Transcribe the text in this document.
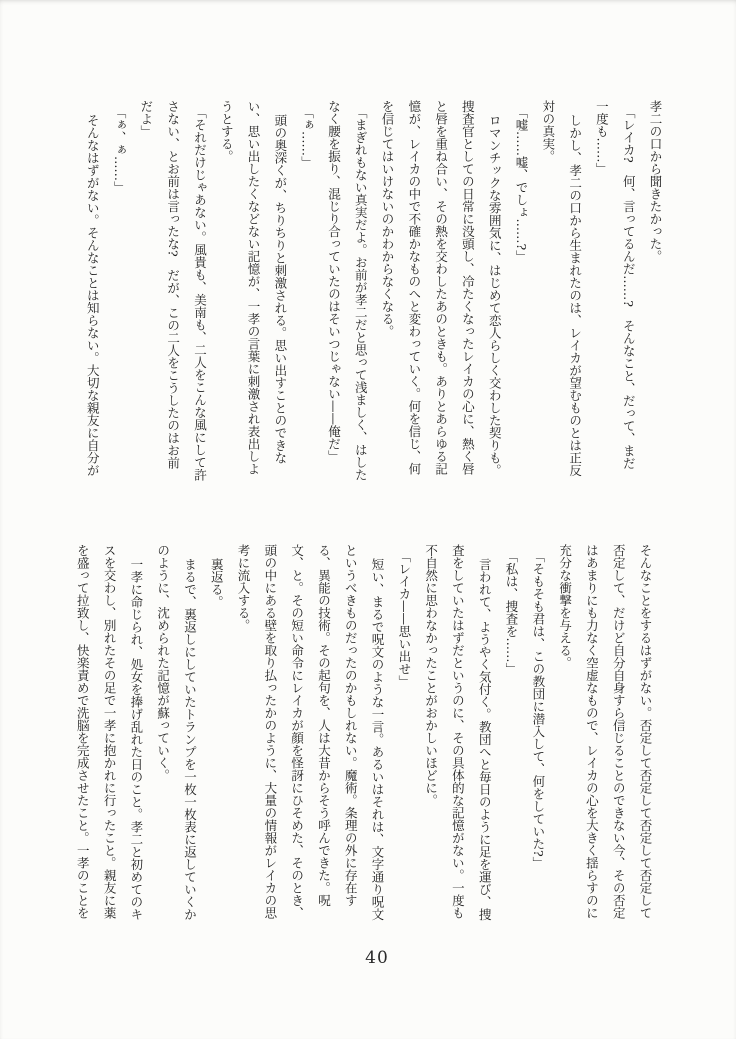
孝二の口から聞きたかった。

「レイカ?　何、言ってるんだ……?　そんなこと、だって、まだ

一度も……」

しかし、孝二の口から生まれたのは、レイカが望むものとは正反

対の真実。

「嘘……嘘、でしょ……?」

ロマンチックな雰囲気に、はじめて恋人らしく交わした契りも。

捜査官としての日常に没頭し、冷たくなったレイカの心に、熱く唇

と唇を重ね合い、その熱を交わしたあのときも。ありとあらゆる記

憶が、レイカの中で不確かなものへと変わっていく。何を信じ、何

を信じてはいけないのかわからなくなる。

「まぎれもない真実だよ。お前が孝二だと思って浅ましく、はした

なく腰を振り、混じり合っていたのはそいつじゃない——俺だ」

「ぁ……」

頭の奥深くが、ちりちりと刺激される。思い出すことのできな

い、思い出したくなどない記憶が、一孝の言葉に刺激され表出しよ

うとする。

「それだけじゃあない。風貴も、美南も、二人をこんな風にして許

さない、とお前は言ったな?　だが、この二人をこうしたのはお前

だよ」

「ぁ、ぁ……」

そんなはずがない。そんなことは知らない。大切な親友に自分が

そんなことをするはずがない。否定して否定して否定して否定して

否定して、だけど自分自身すら信じることのできない今、その否定

はあまりにも力なく空虚なもので、レイカの心を大きく揺らすのに

充分な衝撃を与える。

「そもそも君は、この教団に潜入して、何をしていた?」

「私は、捜査を……」

言われて、ようやく気付く。教団へと毎日のように足を運び、捜

査をしていたはずだというのに、その具体的な記憶がない。一度も

不自然に思わなかったことがおかしいほどに。

「レイカ——思い出せ」

短い、まるで呪文のような一言。あるいはそれは、文字通り呪文

というべきものだったのかもしれない。魔術。条理の外に存在す

る、異能の技術。その起句を、人は大昔からそう呼んできた。呪

文、と。その短い命令にレイカが顔を怪訝にひそめた、そのとき、

頭の中にある壁を取り払ったかのように、大量の情報がレイカの思

考に流入する。

裏返る。

まるで、裏返しにしていたトランプを一枚一枚表に返していくか

のように、沈められた記憶が蘇っていく。

一孝に命じられ、処女を捧げ乱れた日のこと。孝二と初めてのキ

スを交わし、別れたその足で一孝に抱かれに行ったこと。親友に薬

を盛って拉致し、快楽責めで洗脳を完成させたこと。一孝のことを

40
